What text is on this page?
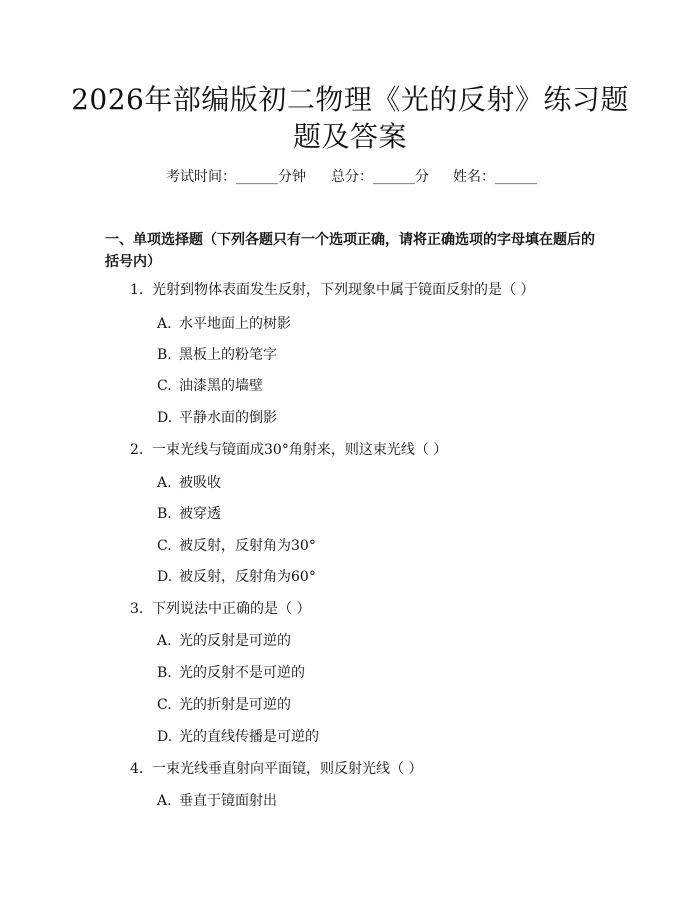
2026年部编版初二物理《光的反射》练习题
题及答案
考试时间：______分钟 总分：______分 姓名：______
一、单项选择题（下列各题只有一个选项正确，请将正确选项的字母填在题后的
括号内）
1. 光射到物体表面发生反射，下列现象中属于镜面反射的是（ ）
A. 水平地面上的树影
B. 黑板上的粉笔字
C. 油漆黑的墙壁
D. 平静水面的倒影
2. 一束光线与镜面成30°角射来，则这束光线（ ）
A. 被吸收
B. 被穿透
C. 被反射，反射角为30°
D. 被反射，反射角为60°
3. 下列说法中正确的是（ ）
A. 光的反射是可逆的
B. 光的反射不是可逆的
C. 光的折射是可逆的
D. 光的直线传播是可逆的
4. 一束光线垂直射向平面镜，则反射光线（ ）
A. 垂直于镜面射出
